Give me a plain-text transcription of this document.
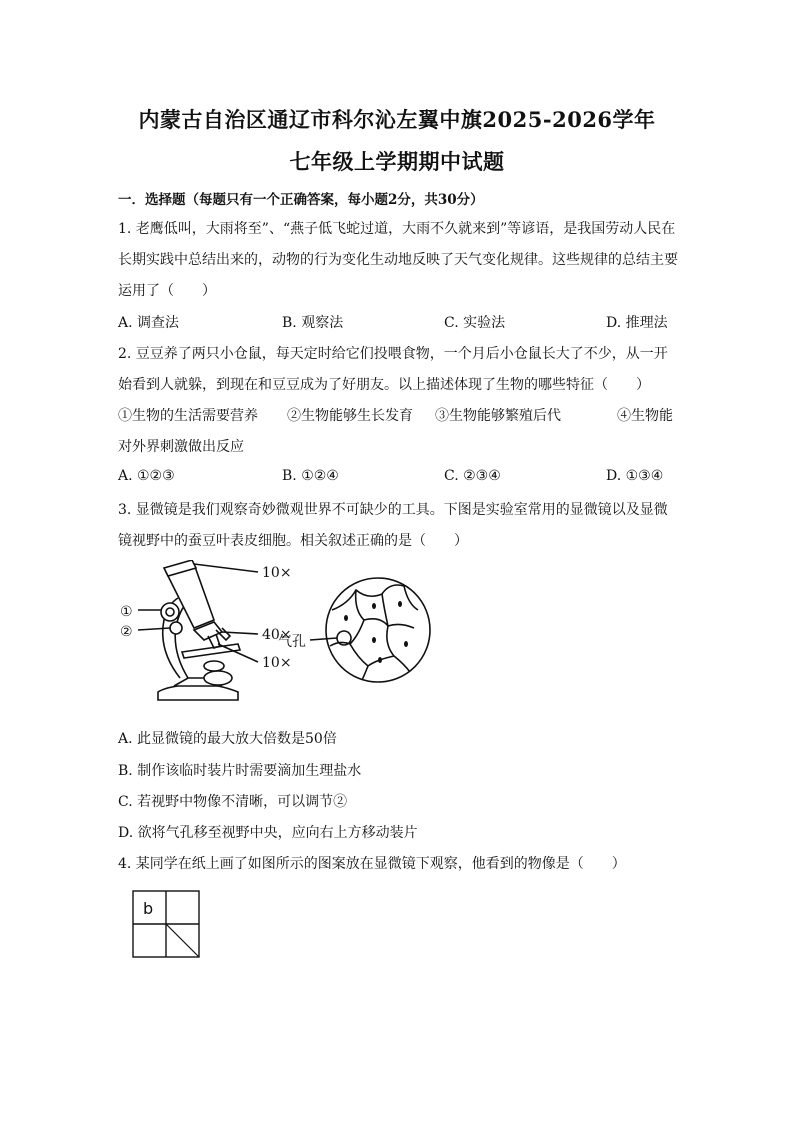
内蒙古自治区通辽市科尔沁左翼中旗2025-2026学年
七年级上学期期中试题
一．选择题（每题只有一个正确答案，每小题2分，共30分）
1. 老鹰低叫，大雨将至”、“燕子低飞蛇过道，大雨不久就来到”等谚语，是我国劳动人民在
长期实践中总结出来的，动物的行为变化生动地反映了天气变化规律。这些规律的总结主要
运用了（　　）
A. 调查法	B. 观察法	C. 实验法	D. 推理法
2. 豆豆养了两只小仓鼠，每天定时给它们投喂食物，一个月后小仓鼠长大了不少，从一开
始看到人就躲，到现在和豆豆成为了好朋友。以上描述体现了生物的哪些特征（　　）
①生物的生活需要营养 ②生物能够生长发育 ③生物能够繁殖后代	④生物能
对外界刺激做出反应
A. ①②③	B. ①②④	C. ②③④	D. ①③④
3. 显微镜是我们观察奇妙微观世界不可缺少的工具。下图是实验室常用的显微镜以及显微
镜视野中的蚕豆叶表皮细胞。相关叙述正确的是（　　）
10×
40×
10×
①
②
气孔
A. 此显微镜的最大放大倍数是50倍
B. 制作该临时装片时需要滴加生理盐水
C. 若视野中物像不清晰，可以调节②
D. 欲将气孔移至视野中央，应向右上方移动装片
4. 某同学在纸上画了如图所示的图案放在显微镜下观察，他看到的物像是（　　）
b
